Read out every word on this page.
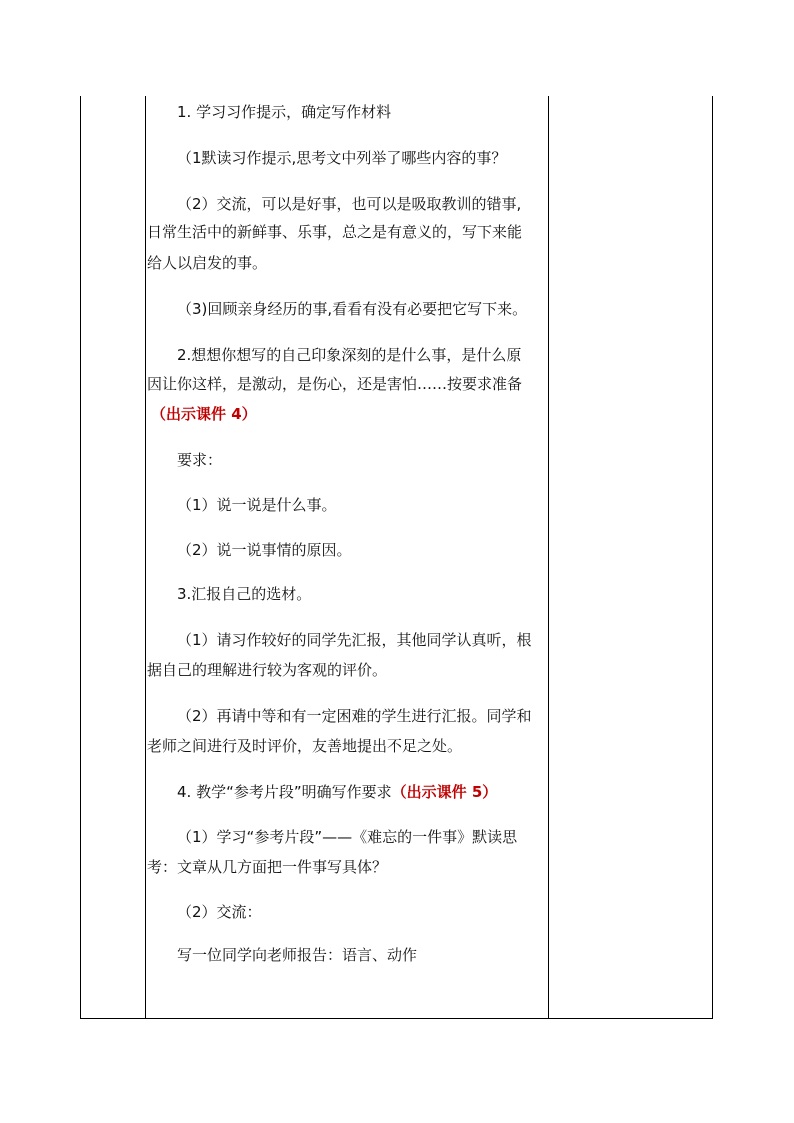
1. 学习习作提示，确定写作材料
（1默读习作提示,思考文中列举了哪些内容的事？
（2）交流，可以是好事，也可以是吸取教训的错事,
日常生活中的新鲜事、乐事，总之是有意义的，写下来能
给人以启发的事。
（3)回顾亲身经历的事,看看有没有必要把它写下来。
2.想想你想写的自己印象深刻的是什么事，是什么原
因让你这样，是激动，是伤心，还是害怕……按要求准备
（出示课件 4）
要求：
（1）说一说是什么事。
（2）说一说事情的原因。
3.汇报自己的选材。
（1）请习作较好的同学先汇报，其他同学认真听，根
据自己的理解进行较为客观的评价。
（2）再请中等和有一定困难的学生进行汇报。同学和
老师之间进行及时评价，友善地提出不足之处。
4. 教学“参考片段”明确写作要求（出示课件 5）
（1）学习“参考片段”——《难忘的一件事》默读思
考：文章从几方面把一件事写具体？
（2）交流：
写一位同学向老师报告：语言、动作
